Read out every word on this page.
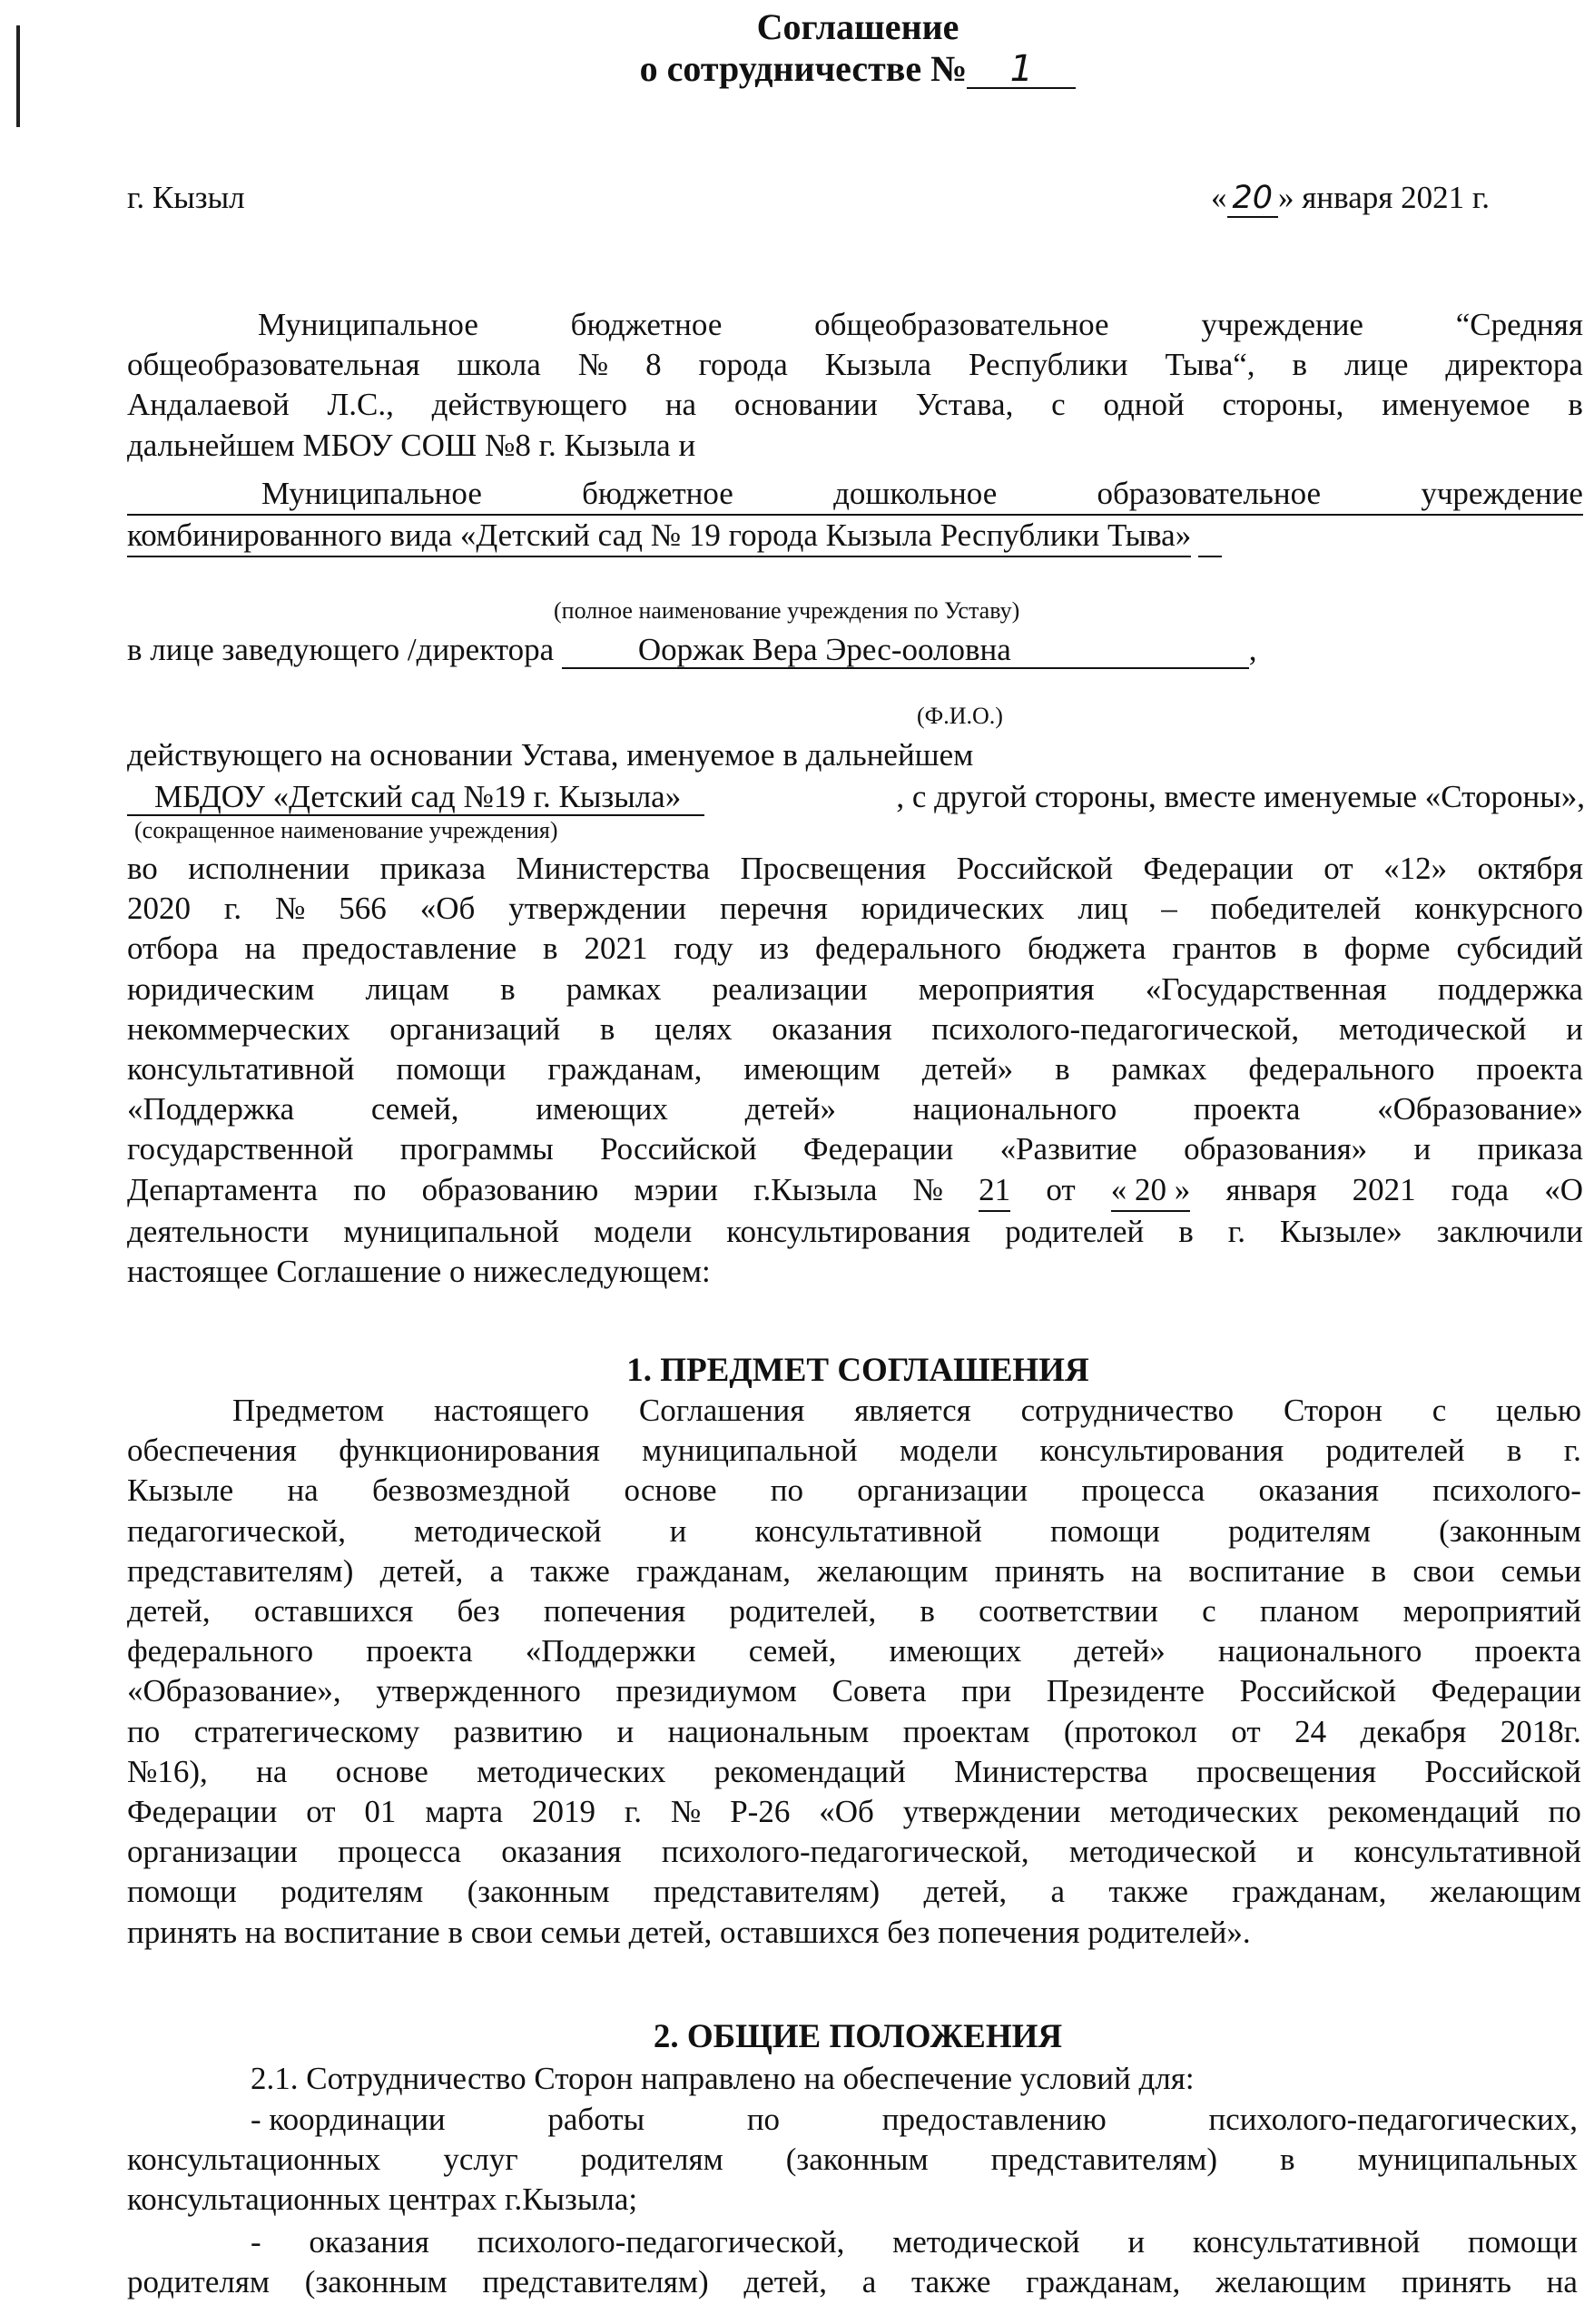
Соглашение
о сотрудничестве № 1
г. Кызыл	« 20 » января 2021 г.

Муниципальное	бюджетное	общеобразовательное	учреждение	“Средняя

общеобразовательная школа № 8 города Кызыла Республики Тыва“, в лице директора

Андалаевой Л.С., действующего на основании Устава, с одной стороны, именуемое в

дальнейшем МБОУ СОШ №8 г. Кызыла и

Муниципальное	бюджетное	дошкольное	образовательное	учреждение

комбинированного вида «Детский сад № 19 города Кызыла Республики Тыва»

(полное наименование учреждения по Уставу)
в лице заведующего /директора	Ооржак Вера Эрес-ооловна	,
(Ф.И.О.)
действующего на основании Устава, именуемое в дальнейшем
МБДОУ «Детский сад №19 г. Кызыла»	, с другой стороны, вместе именуемые «Стороны»,
(сокращенное наименование учреждения)

во исполнении приказа Министерства Просвещения Российской Федерации от «12» октября

2020 г. № 566 «Об утверждении перечня юридических лиц – победителей конкурсного

отбора на предоставление в 2021 году из федерального бюджета грантов в форме субсидий

юридическим лицам в рамках реализации мероприятия «Государственная поддержка

некоммерческих организаций в целях оказания психолого-педагогической, методической и

консультативной помощи гражданам, имеющим детей» в рамках федерального проекта

«Поддержка семей, имеющих детей» национального проекта «Образование»

государственной программы Российской Федерации «Развитие образования» и приказа

Департамента по образованию мэрии г.Кызыла № 21 от « 20 » января 2021 года «О

деятельности муниципальной модели консультирования родителей в г. Кызыле» заключили

настоящее Соглашение о нижеследующем:

1. ПРЕДМЕТ СОГЛАШЕНИЯ

Предметом настоящего Соглашения является сотрудничество Сторон с целью

обеспечения функционирования муниципальной модели консультирования родителей в г.

Кызыле на безвозмездной основе по организации процесса оказания психолого-

педагогической, методической и консультативной помощи родителям (законным

представителям) детей, а также гражданам, желающим принять на воспитание в свои семьи

детей, оставшихся без попечения родителей, в соответствии с планом мероприятий

федерального проекта «Поддержки семей, имеющих детей» национального проекта

«Образование», утвержденного президиумом Совета при Президенте Российской Федерации

по стратегическому развитию и национальным проектам (протокол от 24 декабря 2018г.

№16), на основе методических рекомендаций Министерства просвещения Российской

Федерации от 01 марта 2019 г. № Р-26 «Об утверждении методических рекомендаций по

организации процесса оказания психолого-педагогической, методической и консультативной

помощи родителям (законным представителям) детей, а также гражданам, желающим

принять на воспитание в свои семьи детей, оставшихся без попечения родителей».

2. ОБЩИЕ ПОЛОЖЕНИЯ
2.1. Сотрудничество Сторон направлено на обеспечение условий для:

- координации	работы	по	предоставлению	психолого-педагогических,

консультационных услуг родителям (законным представителям) в муниципальных

консультационных центрах г.Кызыла;

- оказания психолого-педагогической, методической и консультативной помощи

родителям (законным представителям) детей, а также гражданам, желающим принять на
